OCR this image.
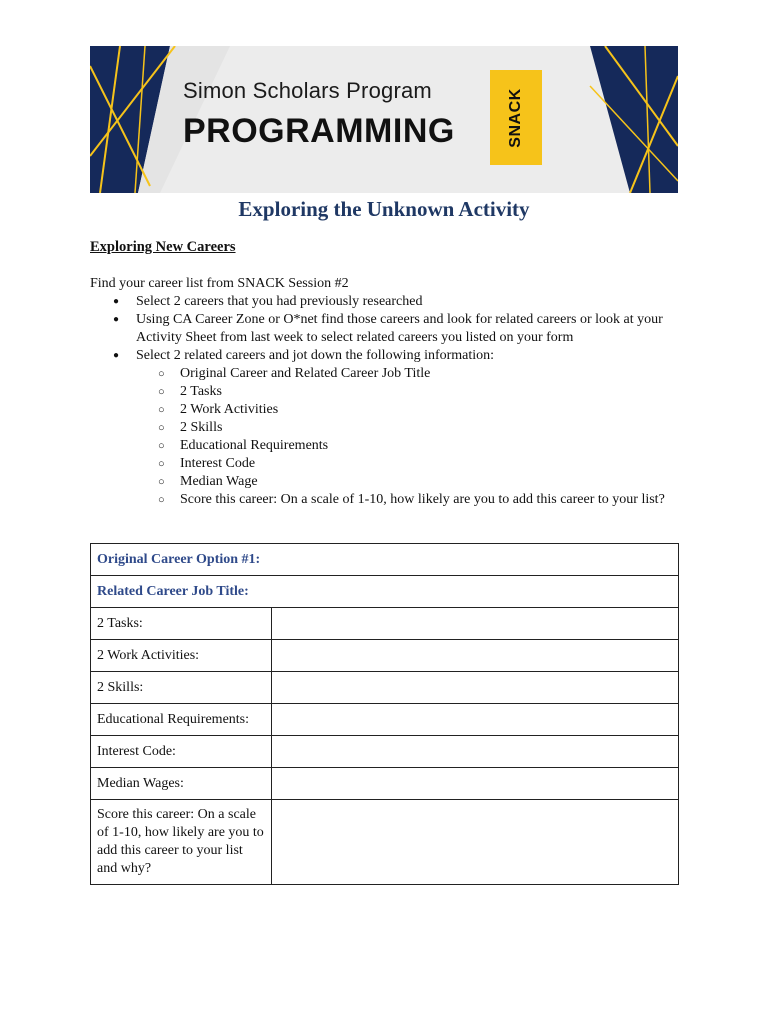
Simon Scholars Program
PROGRAMMING	SNACK
Exploring the Unknown Activity
Exploring New Careers

Find your career list from SNACK Session #2

● Select 2 careers that you had previously researched
● Using CA Career Zone or O*net find those careers and look for related careers or look at your Activity Sheet from last week to select related careers you listed on your form
● Select 2 related careers and jot down the following information:
○ Original Career and Related Career Job Title
○ 2 Tasks
○ 2 Work Activities
○ 2 Skills
○ Educational Requirements
○ Interest Code
○ Median Wage
○ Score this career: On a scale of 1-10, how likely are you to add this career to your list?
Original Career Option #1:	
Related Career Job Title:	
2 Tasks:	
2 Work Activities:	
2 Skills:	
Educational Requirements:	
Interest Code:	
Median Wages:	
Score this career: On a scale of 1-10, how likely are you to add this career to your list and why?	
